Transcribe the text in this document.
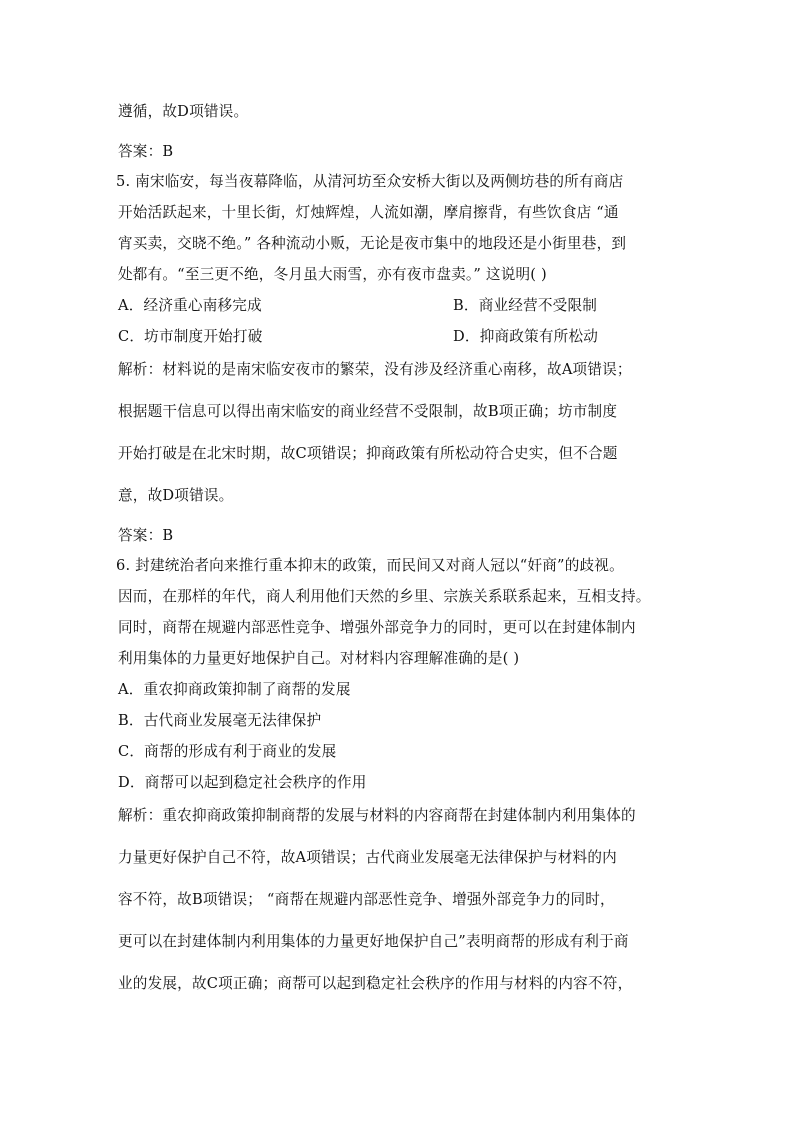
遵循，故D项错误。

答案：B

5. 南宋临安，每当夜幕降临，从清河坊至众安桥大街以及两侧坊巷的所有商店

开始活跃起来，十里长街，灯烛辉煌，人流如潮，摩肩擦背，有些饮食店 “通

宵买卖，交晓不绝。” 各种流动小贩，无论是夜市集中的地段还是小街里巷，到

处都有。“至三更不绝，冬月虽大雨雪，亦有夜市盘卖。” 这说明( )

A．经济重心南移完成	B．商业经营不受限制

C．坊市制度开始打破	D．抑商政策有所松动

解析：材料说的是南宋临安夜市的繁荣，没有涉及经济重心南移，故A项错误；

根据题干信息可以得出南宋临安的商业经营不受限制，故B项正确；坊市制度

开始打破是在北宋时期，故C项错误；抑商政策有所松动符合史实，但不合题

意，故D项错误。

答案：B

6. 封建统治者向来推行重本抑末的政策，而民间又对商人冠以“奸商”的歧视。

因而，在那样的年代，商人利用他们天然的乡里、宗族关系联系起来，互相支持。

同时，商帮在规避内部恶性竞争、增强外部竞争力的同时，更可以在封建体制内

利用集体的力量更好地保护自己。对材料内容理解准确的是( )

A．重农抑商政策抑制了商帮的发展

B．古代商业发展毫无法律保护

C．商帮的形成有利于商业的发展

D．商帮可以起到稳定社会秩序的作用

解析：重农抑商政策抑制商帮的发展与材料的内容商帮在封建体制内利用集体的

力量更好保护自己不符，故A项错误；古代商业发展毫无法律保护与材料的内

容不符，故B项错误； “商帮在规避内部恶性竞争、增强外部竞争力的同时，

更可以在封建体制内利用集体的力量更好地保护自己”表明商帮的形成有利于商

业的发展，故C项正确；商帮可以起到稳定社会秩序的作用与材料的内容不符，
